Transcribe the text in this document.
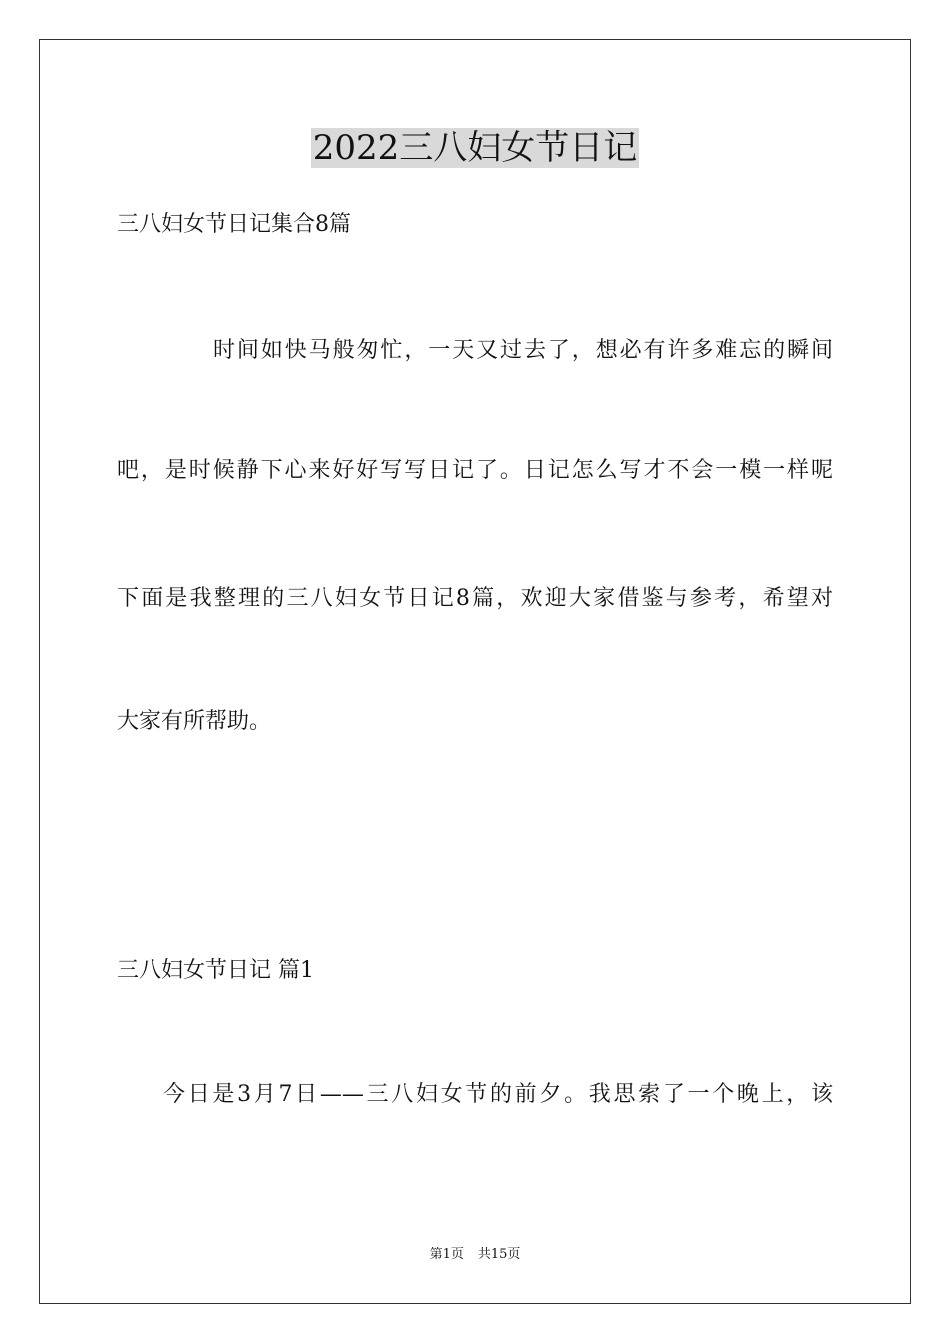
2022三八妇女节日记

三八妇女节日记集合8篇

时间如快马般匆忙，一天又过去了，想必有许多难忘的瞬间

吧，是时候静下心来好好写写日记了。日记怎么写才不会一模一样呢

下面是我整理的三八妇女节日记8篇，欢迎大家借鉴与参考，希望对

大家有所帮助。

三八妇女节日记 篇1

今日是3月7日——三八妇女节的前夕。我思索了一个晚上，该

第1页 共15页
